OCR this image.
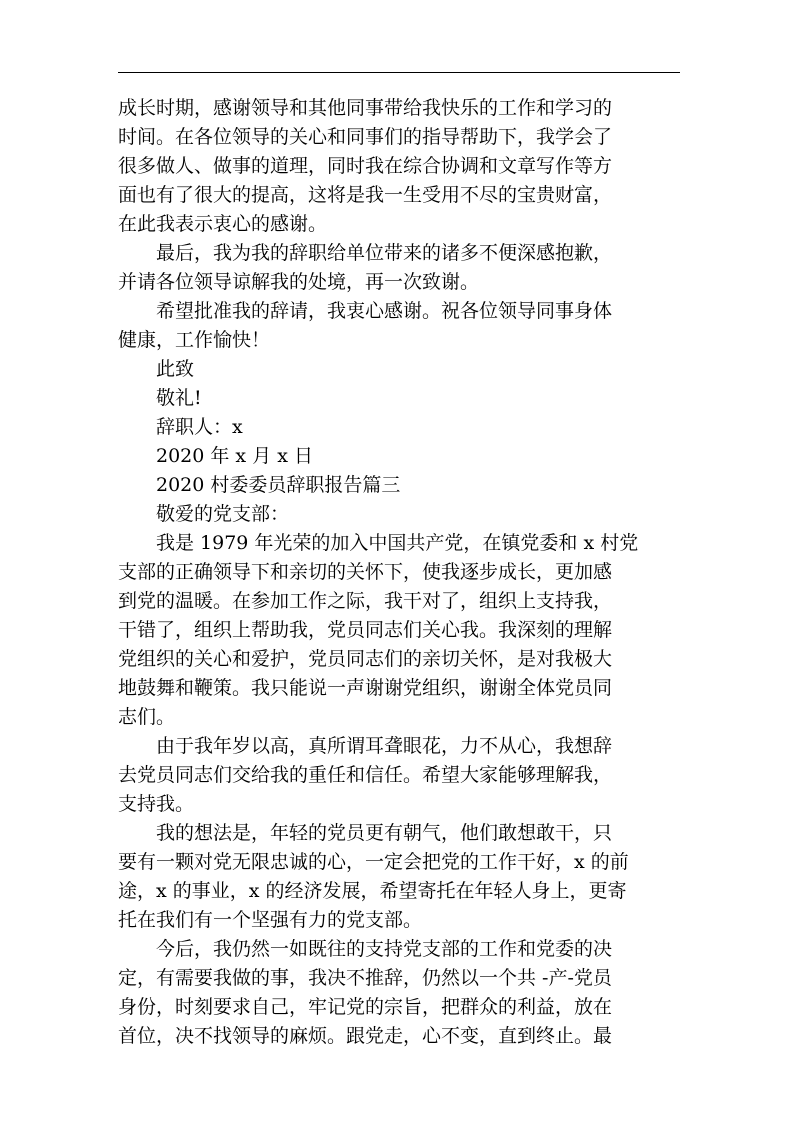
成长时期，感谢领导和其他同事带给我快乐的工作和学习的

时间。在各位领导的关心和同事们的指导帮助下，我学会了

很多做人、做事的道理，同时我在综合协调和文章写作等方

面也有了很大的提高，这将是我一生受用不尽的宝贵财富，

在此我表示衷心的感谢。

　　最后，我为我的辞职给单位带来的诸多不便深感抱歉，

并请各位领导谅解我的处境，再一次致谢。

　　希望批准我的辞请，我衷心感谢。祝各位领导同事身体

健康，工作愉快！

　　此致

　　敬礼!

　　辞职人：x

　　2020 年 x 月 x 日

　　2020 村委委员辞职报告篇三

　　敬爱的党支部：

　　我是 1979 年光荣的加入中国共产党，在镇党委和 x 村党

支部的正确领导下和亲切的关怀下，使我逐步成长，更加感

到党的温暖。在参加工作之际，我干对了，组织上支持我，

干错了，组织上帮助我，党员同志们关心我。我深刻的理解

党组织的关心和爱护，党员同志们的亲切关怀，是对我极大

地鼓舞和鞭策。我只能说一声谢谢党组织，谢谢全体党员同

志们。

　　由于我年岁以高，真所谓耳聋眼花，力不从心，我想辞

去党员同志们交给我的重任和信任。希望大家能够理解我，

支持我。

　　我的想法是，年轻的党员更有朝气，他们敢想敢干，只

要有一颗对党无限忠诚的心，一定会把党的工作干好，x 的前

途，x 的事业，x 的经济发展，希望寄托在年轻人身上，更寄

托在我们有一个坚强有力的党支部。

　　今后，我仍然一如既往的支持党支部的工作和党委的决

定，有需要我做的事，我决不推辞，仍然以一个共 -产-党员

身份，时刻要求自己，牢记党的宗旨，把群众的利益，放在

首位，决不找领导的麻烦。跟党走，心不变，直到终止。最
